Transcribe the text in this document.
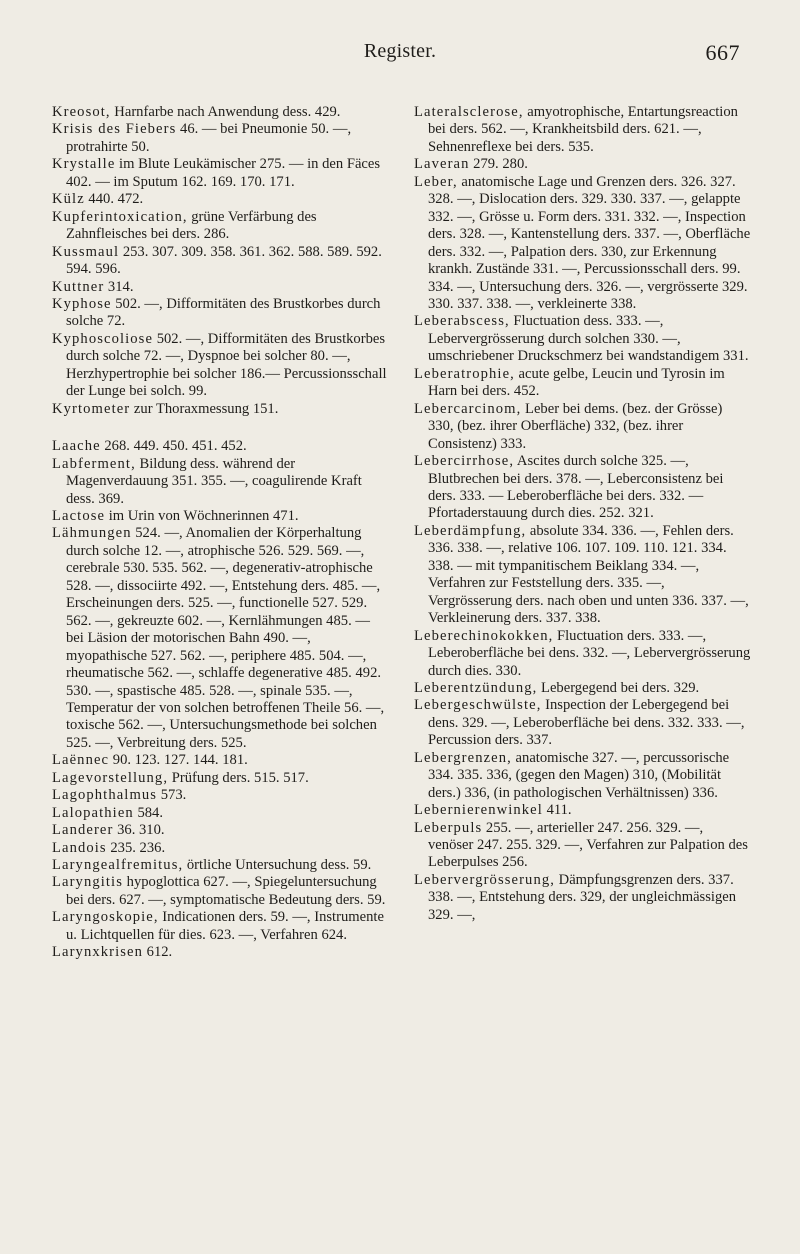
Register.	667

Kreosot, Harnfarbe nach Anwendung dess. 429.

Krisis des Fiebers 46. — bei Pneumonie 50. —, protrahirte 50.

Krystalle im Blute Leukämischer 275. — in den Fäces 402. — im Sputum 162. 169. 170. 171.

Külz 440. 472.

Kupferintoxication, grüne Verfärbung des Zahnfleisches bei ders. 286.

Kussmaul 253. 307. 309. 358. 361. 362. 588. 589. 592. 594. 596.

Kuttner 314.

Kyphose 502. —, Difformitäten des Brustkorbes durch solche 72.

Kyphoscoliose 502. —, Difformitäten des Brustkorbes durch solche 72. —, Dyspnoe bei solcher 80. —, Herzhypertrophie bei solcher 186.— Percussionsschall der Lunge bei solch. 99.

Kyrtometer zur Thoraxmessung 151.

Laache 268. 449. 450. 451. 452.

Labferment, Bildung dess. während der Magenverdauung 351. 355. —, coagulirende Kraft dess. 369.

Lactose im Urin von Wöchnerinnen 471.

Lähmungen 524. —, Anomalien der Körperhaltung durch solche 12. —, atrophische 526. 529. 569. —, cerebrale 530. 535. 562. —, degenerativ-atrophische 528. —, dissociirte 492. —, Entstehung ders. 485. —, Erscheinungen ders. 525. —, functionelle 527. 529. 562. —, gekreuzte 602. —, Kernlähmungen 485. — bei Läsion der motorischen Bahn 490. —, myopathische 527. 562. —, periphere 485. 504. —, rheumatische 562. —, schlaffe degenerative 485. 492. 530. —, spastische 485. 528. —, spinale 535. —, Temperatur der von solchen betroffenen Theile 56. —, toxische 562. —, Untersuchungsmethode bei solchen 525. —, Verbreitung ders. 525.

Laënnec 90. 123. 127. 144. 181.

Lagevorstellung, Prüfung ders. 515. 517.

Lagophthalmus 573.

Lalopathien 584.

Landerer 36. 310.

Landois 235. 236.

Laryngealfremitus, örtliche Untersuchung dess. 59.

Laryngitis hypoglottica 627. —, Spiegeluntersuchung bei ders. 627. —, symptomatische Bedeutung ders. 59.

Laryngoskopie, Indicationen ders. 59. —, Instrumente u. Lichtquellen für dies. 623. —, Verfahren 624.

Larynxkrisen 612.

Lateralsclerose, amyotrophische, Entartungsreaction bei ders. 562. —, Krankheitsbild ders. 621. —, Sehnenreflexe bei ders. 535.

Laveran 279. 280.

Leber, anatomische Lage und Grenzen ders. 326. 327. 328. —, Dislocation ders. 329. 330. 337. —, gelappte 332. —, Grösse u. Form ders. 331. 332. —, Inspection ders. 328. —, Kantenstellung ders. 337. —, Oberfläche ders. 332. —, Palpation ders. 330, zur Erkennung krankh. Zustände 331. —, Percussionsschall ders. 99. 334. —, Untersuchung ders. 326. —, vergrösserte 329. 330. 337. 338. —, verkleinerte 338.

Leberabscess, Fluctuation dess. 333. —, Lebervergrösserung durch solchen 330. —, umschriebener Druckschmerz bei wandstandigem 331.

Leberatrophie, acute gelbe, Leucin und Tyrosin im Harn bei ders. 452.

Lebercarcinom, Leber bei dems. (bez. der Grösse) 330, (bez. ihrer Oberfläche) 332, (bez. ihrer Consistenz) 333.

Lebercirrhose, Ascites durch solche 325. —, Blutbrechen bei ders. 378. —, Leberconsistenz bei ders. 333. — Leberoberfläche bei ders. 332. — Pfortaderstauung durch dies. 252. 321.

Leberdämpfung, absolute 334. 336. —, Fehlen ders. 336. 338. —, relative 106. 107. 109. 110. 121. 334. 338. — mit tympanitischem Beiklang 334. —, Verfahren zur Feststellung ders. 335. —, Vergrösserung ders. nach oben und unten 336. 337. —, Verkleinerung ders. 337. 338.

Leberechinokokken, Fluctuation ders. 333. —, Leberoberfläche bei dens. 332. —, Lebervergrösserung durch dies. 330.

Leberentzündung, Lebergegend bei ders. 329.

Lebergeschwülste, Inspection der Lebergegend bei dens. 329. —, Leberoberfläche bei dens. 332. 333. —, Percussion ders. 337.

Lebergrenzen, anatomische 327. —, percussorische 334. 335. 336, (gegen den Magen) 310, (Mobilität ders.) 336, (in pathologischen Verhältnissen) 336.

Lebernierenwinkel 411.

Leberpuls 255. —, arterieller 247. 256. 329. —, venöser 247. 255. 329. —, Verfahren zur Palpation des Leberpulses 256.

Lebervergrösserung, Dämpfungsgrenzen ders. 337. 338. —, Entstehung ders. 329, der ungleichmässigen 329. —,
